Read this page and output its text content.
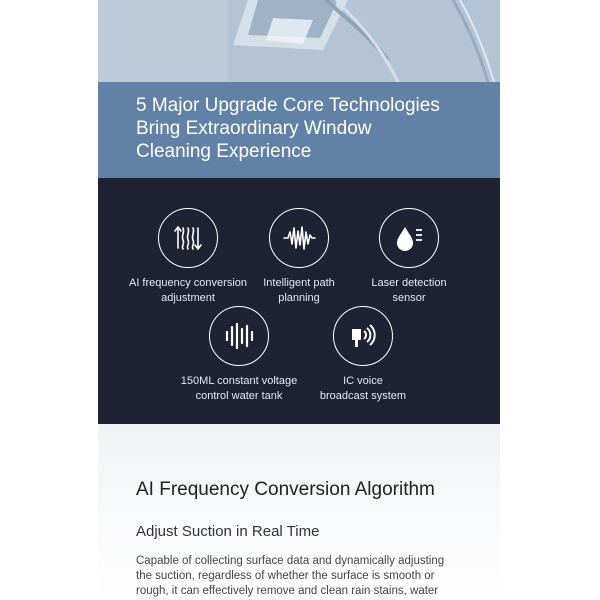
5 Major Upgrade Core Technologies
Bring Extraordinary Window
Cleaning Experience
AI frequency conversion
adjustment
Intelligent path
planning
Laser detection
sensor
150ML constant voltage
control water tank
IC voice
broadcast system
AI Frequency Conversion Algorithm
Adjust Suction in Real Time
Capable of collecting surface data and dynamically adjusting
the suction, regardless of whether the surface is smooth or
rough, it can effectively remove and clean rain stains, water
